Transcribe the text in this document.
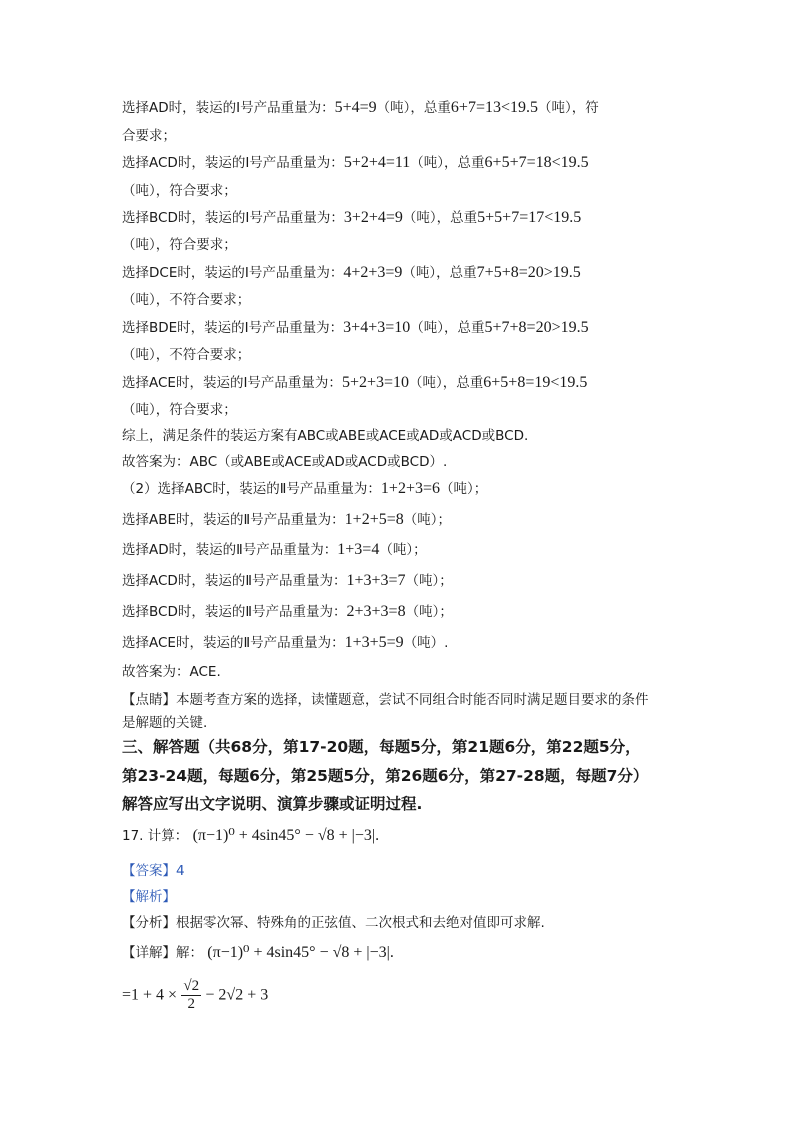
选择AD时，装运的Ⅰ号产品重量为：5+4=9（吨），总重6+7=13<19.5（吨），符
合要求；
选择ACD时，装运的Ⅰ号产品重量为：5+2+4=11（吨），总重6+5+7=18<19.5
（吨），符合要求；
选择BCD时，装运的Ⅰ号产品重量为：3+2+4=9（吨），总重5+5+7=17<19.5
（吨），符合要求；
选择DCE时，装运的Ⅰ号产品重量为：4+2+3=9（吨），总重7+5+8=20>19.5
（吨），不符合要求；
选择BDE时，装运的Ⅰ号产品重量为：3+4+3=10（吨），总重5+7+8=20>19.5
（吨），不符合要求；
选择ACE时，装运的Ⅰ号产品重量为：5+2+3=10（吨），总重6+5+8=19<19.5
（吨），符合要求；
综上，满足条件的装运方案有ABC或ABE或ACE或AD或ACD或BCD.
故答案为：ABC（或ABE或ACE或AD或ACD或BCD）.
（2）选择ABC时，装运的Ⅱ号产品重量为：1+2+3=6（吨）；
选择ABE时，装运的Ⅱ号产品重量为：1+2+5=8（吨）；
选择AD时，装运的Ⅱ号产品重量为：1+3=4（吨）；
选择ACD时，装运的Ⅱ号产品重量为：1+3+3=7（吨）；
选择BCD时，装运的Ⅱ号产品重量为：2+3+3=8（吨）；
选择ACE时，装运的Ⅱ号产品重量为：1+3+5=9（吨）.
故答案为：ACE.
【点睛】本题考查方案的选择，读懂题意，尝试不同组合时能否同时满足题目要求的条件
是解题的关键.
三、解答题（共68分，第17-20题，每题5分，第21题6分，第22题5分，
第23-24题，每题6分，第25题5分，第26题6分，第27-28题，每题7分）
解答应写出文字说明、演算步骤或证明过程.
17. 计算： (π−1)⁰ + 4sin45° − √8 + |−3|.
【答案】4
【解析】
【分析】根据零次幂、特殊角的正弦值、二次根式和去绝对值即可求解.
【详解】解： (π−1)⁰ + 4sin45° − √8 + |−3|.
$=1 + 4 \times \frac{√2}{2} - 2√2 + 3$
